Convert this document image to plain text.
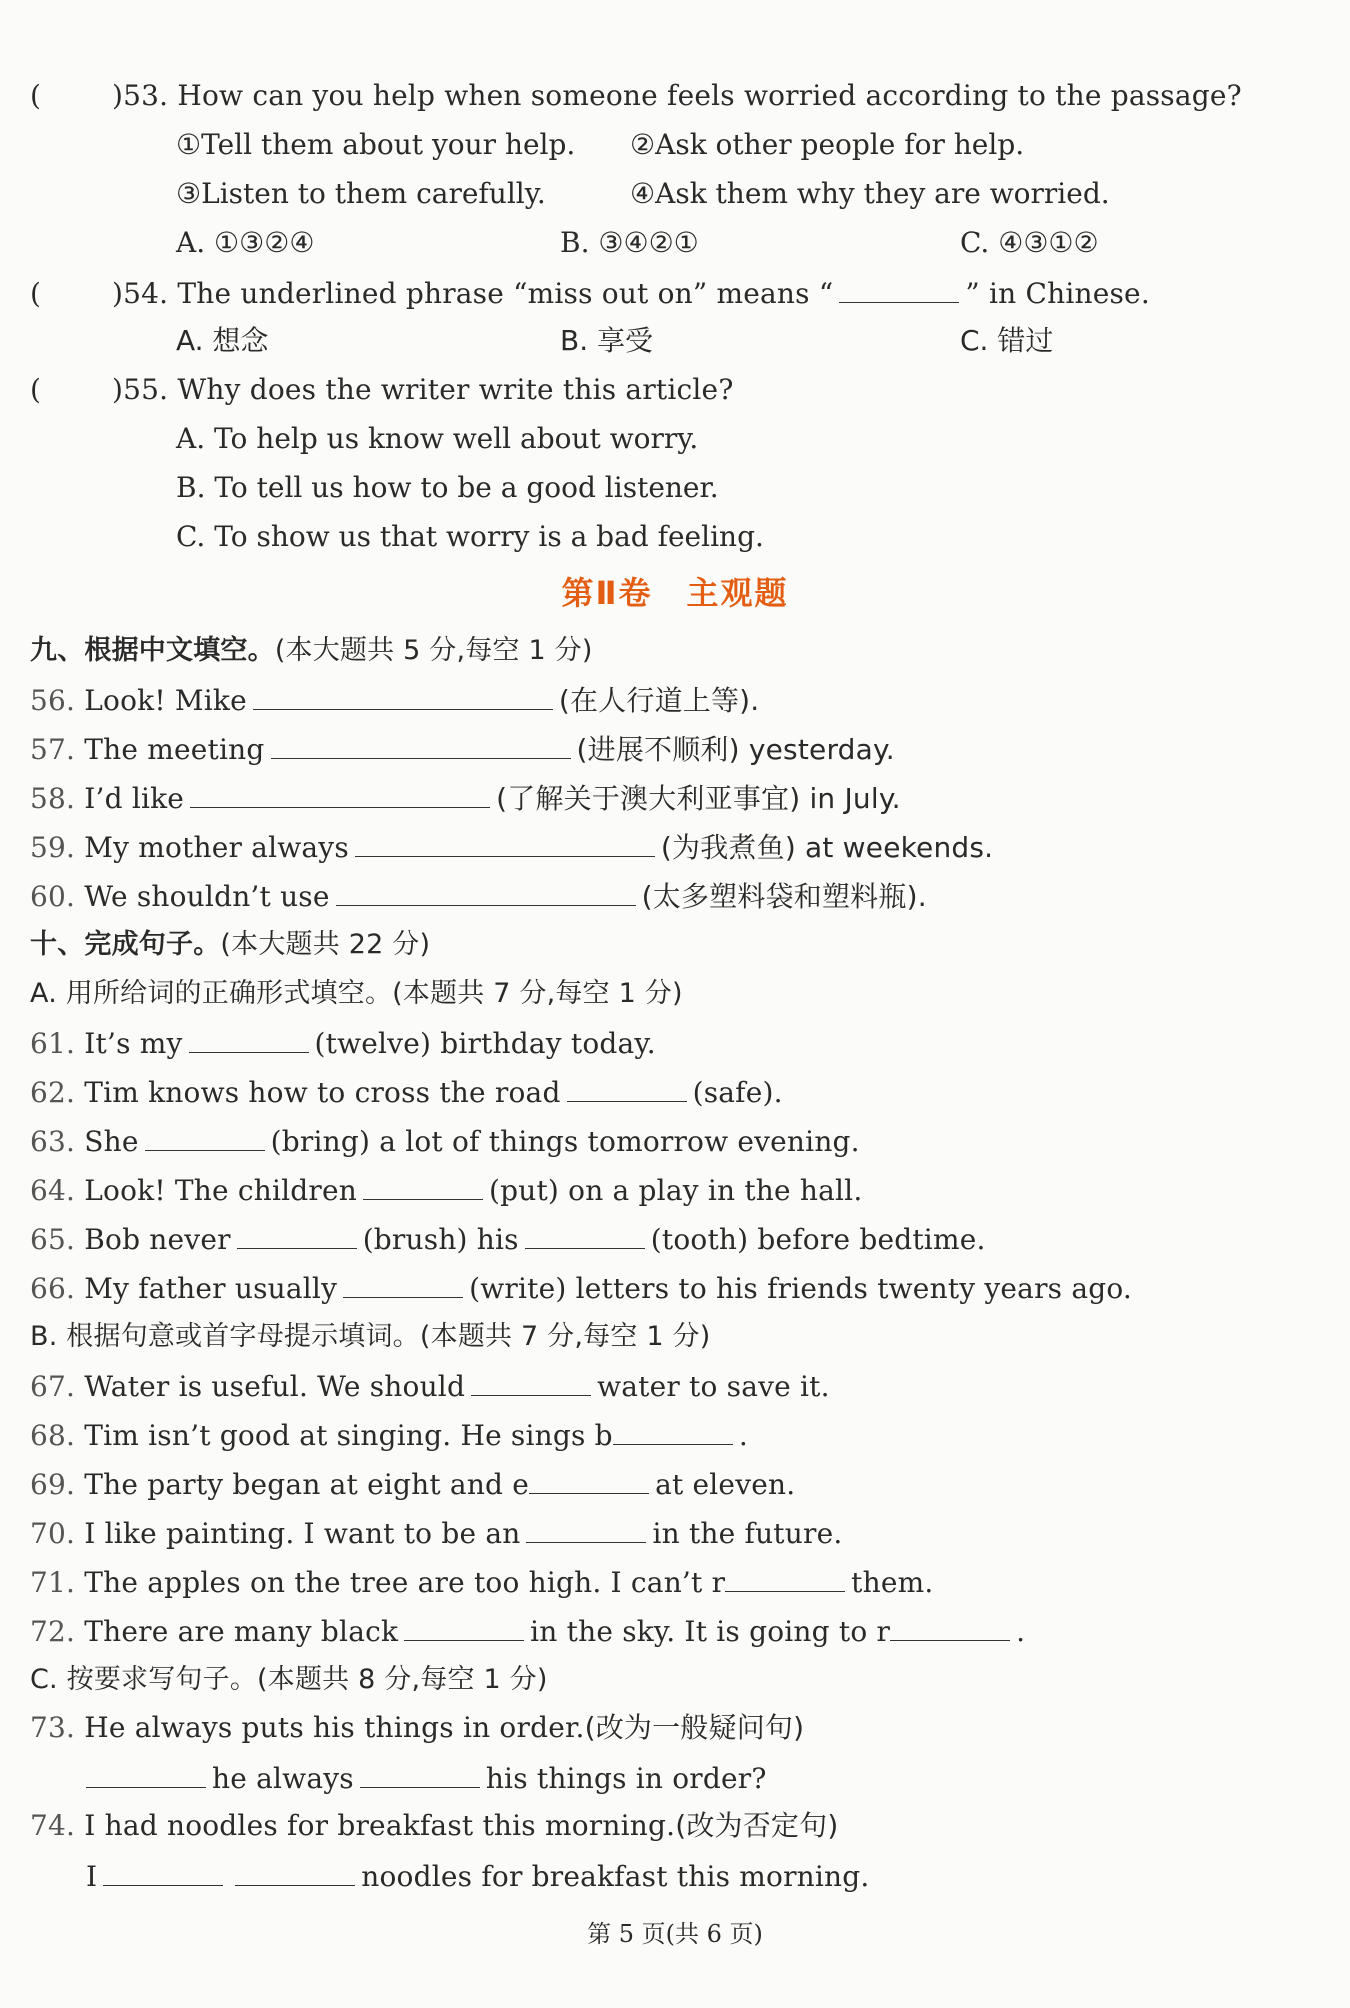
(	)53. How can you help when someone feels worried according to the passage?
①Tell them about your help. ②Ask other people for help.
③Listen to them carefully.	④Ask them why they are worried.
A. ①③②④	B. ③④②①	C. ④③①②
(	)54. The underlined phrase “miss out on” means “	” in Chinese.
A. 想念	B. 享受	C. 错过
(	)55. Why does the writer write this article?
A. To help us know well about worry.
B. To tell us how to be a good listener.
C. To show us that worry is a bad feeling.
第Ⅱ卷　主观题
九、根据中文填空。(本大题共 5 分,每空 1 分)
56. Look! Mike	(在人行道上等).
57. The meeting	(进展不顺利) yesterday.
58. I’d like	(了解关于澳大利亚事宜) in July.
59. My mother always	(为我煮鱼) at weekends.
60. We shouldn’t use	(太多塑料袋和塑料瓶).
十、完成句子。(本大题共 22 分)
A. 用所给词的正确形式填空。(本题共 7 分,每空 1 分)
61. It’s my	(twelve) birthday today.
62. Tim knows how to cross the road	(safe).
63. She	(bring) a lot of things tomorrow evening.
64. Look! The children	(put) on a play in the hall.
65. Bob never	(brush) his	(tooth) before bedtime.
66. My father usually	(write) letters to his friends twenty years ago.
B. 根据句意或首字母提示填词。(本题共 7 分,每空 1 分)
67. Water is useful. We should	water to save it.
68. Tim isn’t good at singing. He sings b	.
69. The party began at eight and e	at eleven.
70. I like painting. I want to be an	in the future.
71. The apples on the tree are too high. I can’t r	them.
72. There are many black	in the sky. It is going to r	.
C. 按要求写句子。(本题共 8 分,每空 1 分)
73. He always puts his things in order.(改为一般疑问句)
he always	his things in order?
74. I had noodles for breakfast this morning.(改为否定句)
I	noodles for breakfast this morning.
第 5 页(共 6 页)
